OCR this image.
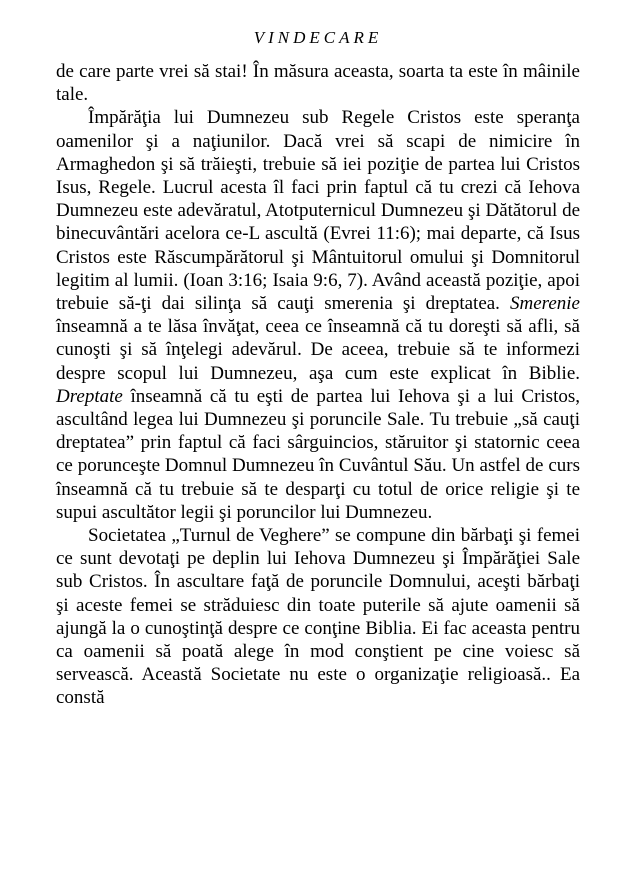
VINDECARE

de care parte vrei să stai! În măsura aceasta, soarta ta este în mâinile tale.

Împărăţia lui Dumnezeu sub Regele Cristos este speranţa oamenilor şi a naţiunilor. Dacă vrei să scapi de nimicire în Armaghedon şi să trăieşti, trebuie să iei poziţie de partea lui Cristos Isus, Regele. Lucrul acesta îl faci prin faptul că tu crezi că Iehova Dumnezeu este adevăratul, Atotputernicul Dumnezeu şi Dătătorul de binecuvântări acelora ce-L ascultă (Evrei 11:6); mai departe, că Isus Cristos este Răscumpărătorul şi Mântuitorul omului şi Domnitorul legitim al lumii. (Ioan 3:16; Isaia 9:6, 7). Având această poziţie, apoi trebuie să-ţi dai silinţa să cauţi smerenia şi dreptatea. Smerenie înseamnă a te lăsa învăţat, ceea ce înseamnă că tu doreşti să afli, să cunoşti şi să înţelegi adevărul. De aceea, trebuie să te informezi despre scopul lui Dumnezeu, aşa cum este explicat în Biblie. Dreptate înseamnă că tu eşti de partea lui Iehova şi a lui Cristos, ascultând legea lui Dumnezeu şi poruncile Sale. Tu trebuie „să cauţi dreptatea” prin faptul că faci sârguincios, stăruitor şi statornic ceea ce porunceşte Domnul Dumnezeu în Cuvântul Său. Un astfel de curs înseamnă că tu trebuie să te desparţi cu totul de orice religie şi te supui ascultător legii şi poruncilor lui Dumnezeu.

Societatea „Turnul de Veghere” se compune din bărbaţi şi femei ce sunt devotaţi pe deplin lui Iehova Dumnezeu şi Împărăţiei Sale sub Cristos. În ascultare faţă de poruncile Domnului, aceşti bărbaţi şi aceste femei se străduiesc din toate puterile să ajute oamenii să ajungă la o cunoştinţă despre ce conţine Biblia. Ei fac aceasta pentru ca oamenii să poată alege în mod conştient pe cine voiesc să servească. Această Societate nu este o organizaţie religioasă.. Ea constă
